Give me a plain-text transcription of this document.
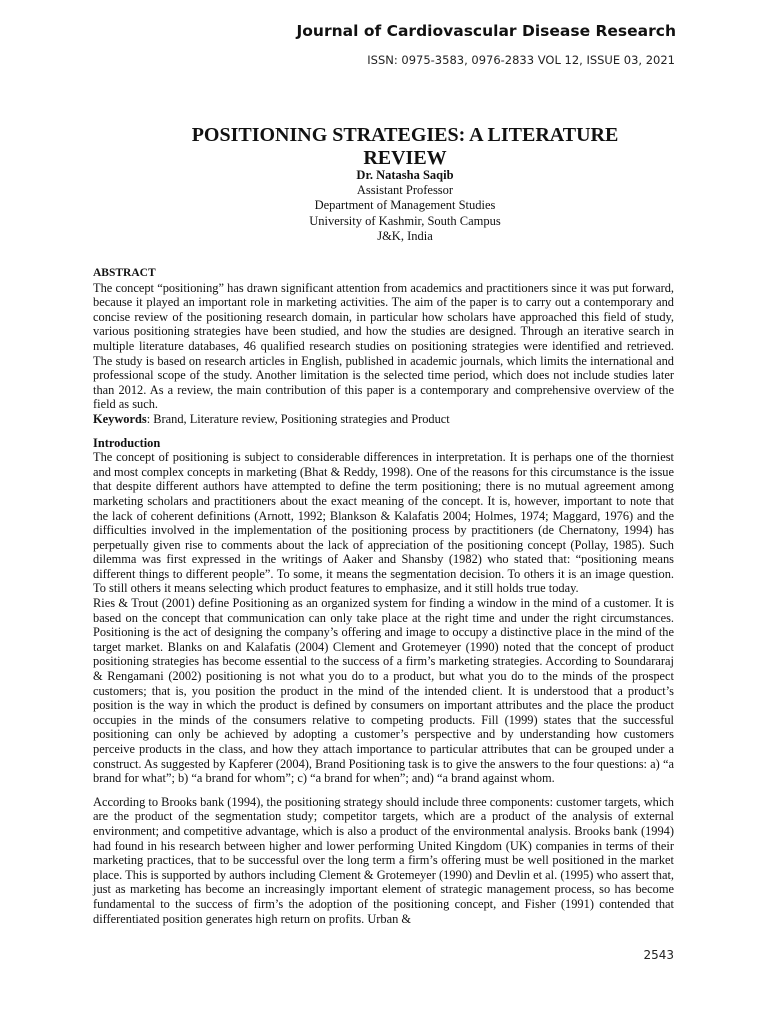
Journal of Cardiovascular Disease Research
ISSN: 0975-3583, 0976-2833 VOL 12, ISSUE 03, 2021
POSITIONING STRATEGIES: A LITERATURE
REVIEW
Dr. Natasha Saqib
Assistant Professor
Department of Management Studies
University of Kashmir, South Campus
J&K, India

ABSTRACT

The concept “positioning” has drawn significant attention from academics and practitioners since it was put forward, because it played an important role in marketing activities. The aim of the paper is to carry out a contemporary and concise review of the positioning research domain, in particular how scholars have approached this field of study, various positioning strategies have been studied, and how the studies are designed. Through an iterative search in multiple literature databases, 46 qualified research studies on positioning strategies were identified and retrieved. The study is based on research articles in English, published in academic journals, which limits the international and professional scope of the study. Another limitation is the selected time period, which does not include studies later than 2012. As a review, the main contribution of this paper is a contemporary and comprehensive overview of the field as such.

Keywords: Brand, Literature review, Positioning strategies and Product

Introduction

The concept of positioning is subject to considerable differences in interpretation. It is perhaps one of the thorniest and most complex concepts in marketing (Bhat & Reddy, 1998). One of the reasons for this circumstance is the issue that despite different authors have attempted to define the term positioning; there is no mutual agreement among marketing scholars and practitioners about the exact meaning of the concept. It is, however, important to note that the lack of coherent definitions (Arnott, 1992; Blankson & Kalafatis 2004; Holmes, 1974; Maggard, 1976) and the difficulties involved in the implementation of the positioning process by practitioners (de Chernatony, 1994) has perpetually given rise to comments about the lack of appreciation of the positioning concept (Pollay, 1985). Such dilemma was first expressed in the writings of Aaker and Shansby (1982) who stated that: “positioning means different things to different people”. To some, it means the segmentation decision. To others it is an image question. To still others it means selecting which product features to emphasize, and it still holds true today.

Ries & Trout (2001) define Positioning as an organized system for finding a window in the mind of a customer. It is based on the concept that communication can only take place at the right time and under the right circumstances. Positioning is the act of designing the company’s offering and image to occupy a distinctive place in the mind of the target market. Blanks on and Kalafatis (2004) Clement and Grotemeyer (1990) noted that the concept of product positioning strategies has become essential to the success of a firm’s marketing strategies. According to Soundararaj & Rengamani (2002) positioning is not what you do to a product, but what you do to the minds of the prospect customers; that is, you position the product in the mind of the intended client. It is understood that a product’s position is the way in which the product is defined by consumers on important attributes and the place the product occupies in the minds of the consumers relative to competing products. Fill (1999) states that the successful positioning can only be achieved by adopting a customer’s perspective and by understanding how customers perceive products in the class, and how they attach importance to particular attributes that can be grouped under a construct. As suggested by Kapferer (2004), Brand Positioning task is to give the answers to the four questions: a) “a brand for what”; b) “a brand for whom”; c) “a brand for when”; and) “a brand against whom.

According to Brooks bank (1994), the positioning strategy should include three components: customer targets, which are the product of the segmentation study; competitor targets, which are a product of the analysis of external environment; and competitive advantage, which is also a product of the environmental analysis. Brooks bank (1994) had found in his research between higher and lower performing United Kingdom (UK) companies in terms of their marketing practices, that to be successful over the long term a firm’s offering must be well positioned in the market place. This is supported by authors including Clement & Grotemeyer (1990) and Devlin et al. (1995) who assert that, just as marketing has become an increasingly important element of strategic management process, so has become fundamental to the success of firm’s the adoption of the positioning concept, and Fisher (1991) contended that differentiated position generates high return on profits. Urban &

2543
